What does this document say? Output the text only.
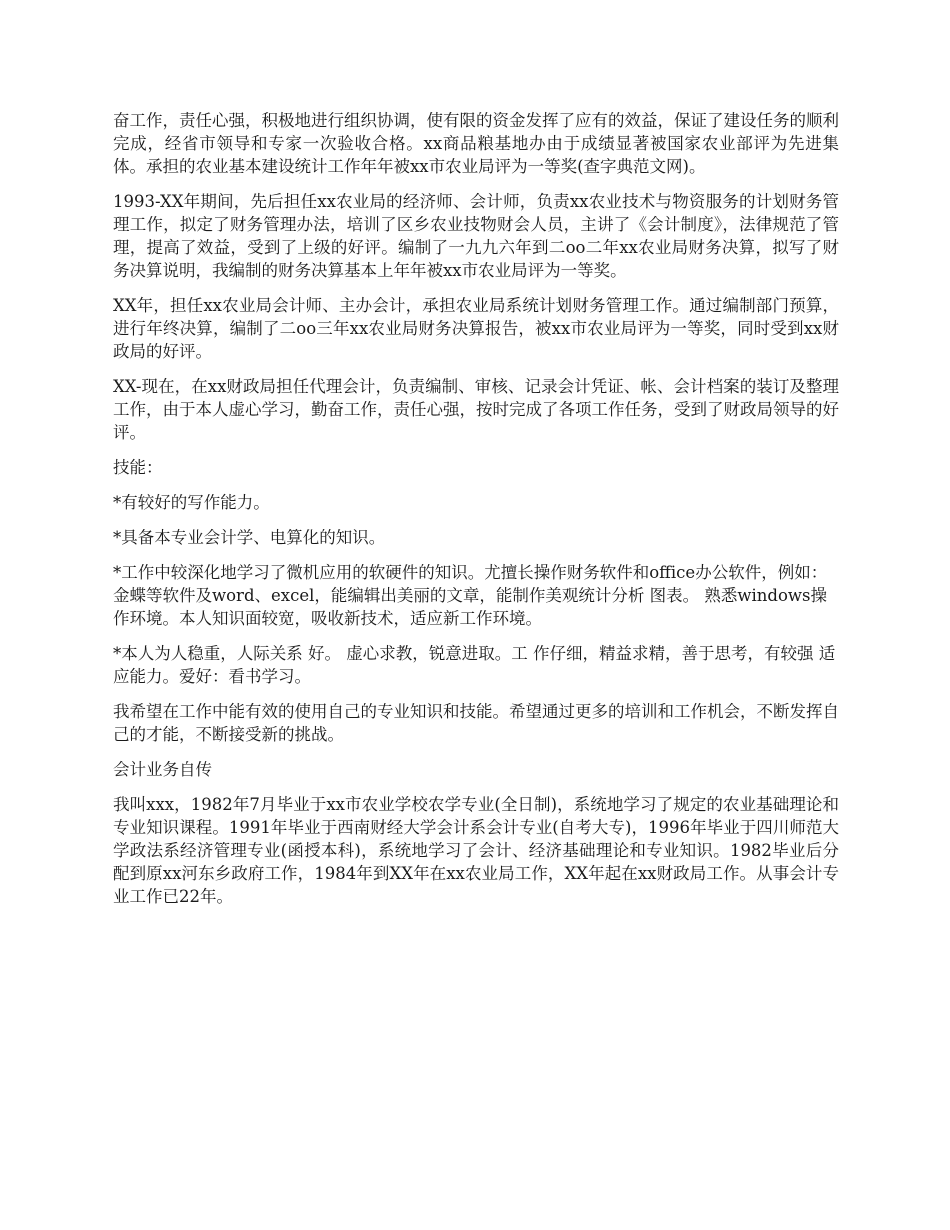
奋工作，责任心强，积极地进行组织协调，使有限的资金发挥了应有的效益，保证了建设任务的顺利完成，经省市领导和专家一次验收合格。xx商品粮基地办由于成绩显著被国家农业部评为先进集体。承担的农业基本建设统计工作年年被xx市农业局评为一等奖(查字典范文网)。

1993-XX年期间，先后担任xx农业局的经济师、会计师，负责xx农业技术与物资服务的计划财务管理工作，拟定了财务管理办法，培训了区乡农业技物财会人员，主讲了《会计制度》，法律规范了管理，提高了效益，受到了上级的好评。编制了一九九六年到二oo二年xx农业局财务决算，拟写了财务决算说明，我编制的财务决算基本上年年被xx市农业局评为一等奖。

XX年，担任xx农业局会计师、主办会计，承担农业局系统计划财务管理工作。通过编制部门预算，进行年终决算，编制了二oo三年xx农业局财务决算报告，被xx市农业局评为一等奖，同时受到xx财政局的好评。

XX-现在，在xx财政局担任代理会计，负责编制、审核、记录会计凭证、帐、会计档案的装订及整理工作，由于本人虚心学习，勤奋工作，责任心强，按时完成了各项工作任务，受到了财政局领导的好评。

技能：

*有较好的写作能力。

*具备本专业会计学、电算化的知识。

*工作中较深化地学习了微机应用的软硬件的知识。尤擅长操作财务软件和office办公软件，例如： 金蝶等软件及word、excel，能编辑出美丽的文章，能制作美观统计分析 图表。 熟悉windows操作环境。本人知识面较宽，吸收新技术，适应新工作环境。

*本人为人稳重，人际关系 好。 虚心求教，锐意进取。工 作仔细，精益求精，善于思考，有较强 适应能力。爱好：看书学习。

我希望在工作中能有效的使用自己的专业知识和技能。希望通过更多的培训和工作机会，不断发挥自己的才能，不断接受新的挑战。

会计业务自传

我叫xxx，1982年7月毕业于xx市农业学校农学专业(全日制)，系统地学习了规定的农业基础理论和专业知识课程。1991年毕业于西南财经大学会计系会计专业(自考大专)，1996年毕业于四川师范大学政法系经济管理专业(函授本科)，系统地学习了会计、经济基础理论和专业知识。1982毕业后分配到原xx河东乡政府工作，1984年到XX年在xx农业局工作，XX年起在xx财政局工作。从事会计专业工作已22年。
